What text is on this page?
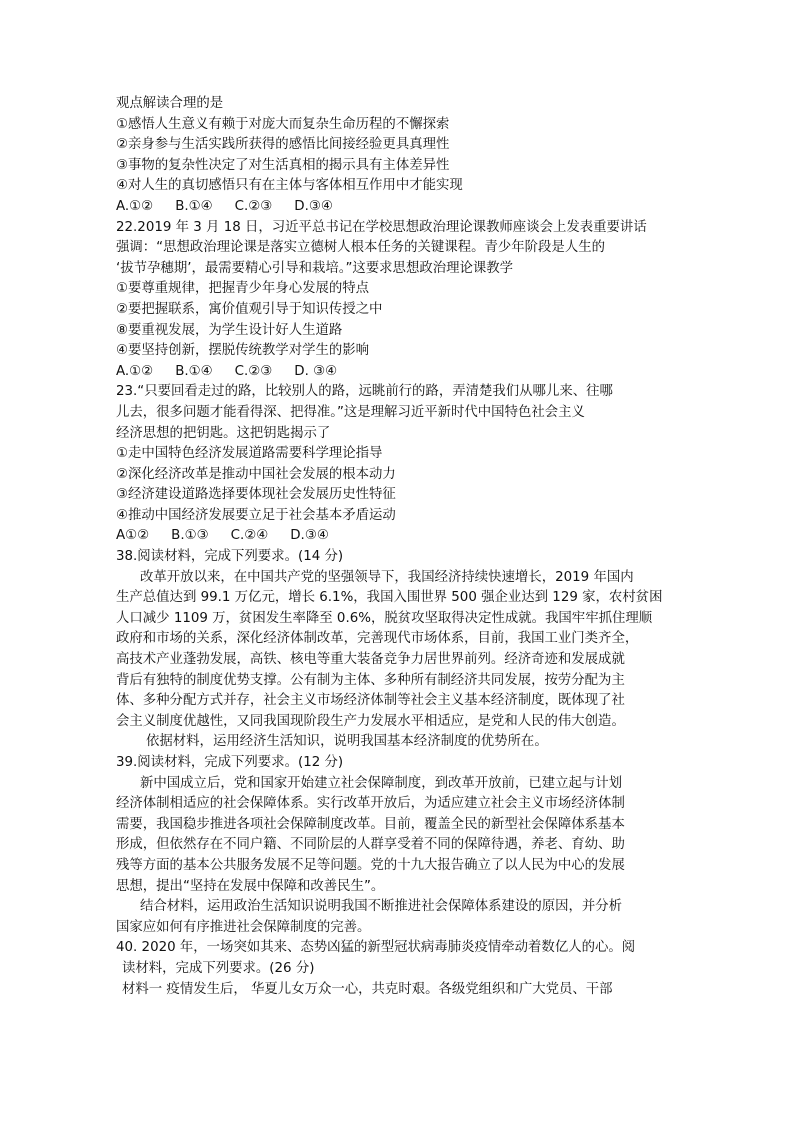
观点解读合理的是
①感悟人生意义有赖于对庞大而复杂生命历程的不懈探索
②亲身参与生活实践所获得的感悟比间接经验更具真理性
③事物的复杂性决定了对生活真相的揭示具有主体差异性
④对人生的真切感悟只有在主体与客体相互作用中才能实现
A.①② B.①④ C.②③ D.③④
22.2019 年 3 月 18 日，习近平总书记在学校思想政治理论课教师座谈会上发表重要讲话
强调：“思想政治理论课是落实立德树人根本任务的关键课程。青少年阶段是人生的
‘拔节孕穗期’，最需要精心引导和栽培。”这要求思想政治理论课教学
①要尊重规律，把握青少年身心发展的特点
②要把握联系，寓价值观引导于知识传授之中
⑧要重视发展，为学生设计好人生道路
④要坚持创新，摆脱传统教学对学生的影响
A.①② B.①④ C.②③ D. ③④
23.“只要回看走过的路，比较别人的路，远眺前行的路，弄清楚我们从哪儿来、往哪
儿去，很多问题才能看得深、把得准。”这是理解习近平新时代中国特色社会主义
经济思想的把钥匙。这把钥匙揭示了
①走中国特色经济发展道路需要科学理论指导
②深化经济改革是推动中国社会发展的根本动力
③经济建设道路选择要体现社会发展历史性特征
④推动中国经济发展要立足于社会基本矛盾运动
A①② B.①③ C.②④ D.③④
38.阅读材料，完成下列要求。(14 分)
改革开放以来，在中国共产党的坚强领导下，我国经济持续快速增长，2019 年国内
生产总值达到 99.1 万亿元，增长 6.1%，我国入围世界 500 强企业达到 129 家，农村贫困
人口减少 1109 万，贫困发生率降至 0.6%，脱贫攻坚取得决定性成就。我国牢牢抓住理顺
政府和市场的关系，深化经济体制改革，完善现代市场体系，目前，我国工业门类齐全，
高技术产业蓬勃发展，高铁、核电等重大装备竞争力居世界前列。经济奇迹和发展成就
背后有独特的制度优势支撑。公有制为主体、多种所有制经济共同发展，按劳分配为主
体、多种分配方式并存，社会主义市场经济体制等社会主义基本经济制度，既体现了社
会主义制度优越性，又同我国现阶段生产力发展水平相适应，是党和人民的伟大创造。
依据材料，运用经济生活知识，说明我国基本经济制度的优势所在。
39.阅读材料，完成下列要求。(12 分)
新中国成立后，党和国家开始建立社会保障制度，到改革开放前，已建立起与计划
经济体制相适应的社会保障体系。实行改革开放后，为适应建立社会主义市场经济体制
需要，我国稳步推进各项社会保障制度改革。目前，覆盖全民的新型社会保障体系基本
形成，但依然存在不同户籍、不同阶层的人群享受着不同的保障待遇，养老、育幼、助
残等方面的基本公共服务发展不足等问题。党的十九大报告确立了以人民为中心的发展
思想，提出“坚持在发展中保障和改善民生”。
结合材料，运用政治生活知识说明我国不断推进社会保障体系建设的原因，并分析
国家应如何有序推进社会保障制度的完善。
40. 2020 年，一场突如其来、态势凶猛的新型冠状病毒肺炎疫情牵动着数亿人的心。阅
读材料，完成下列要求。(26 分)
材料一 疫情发生后， 华夏儿女万众一心，共克时艰。各级党组织和广大党员、干部
